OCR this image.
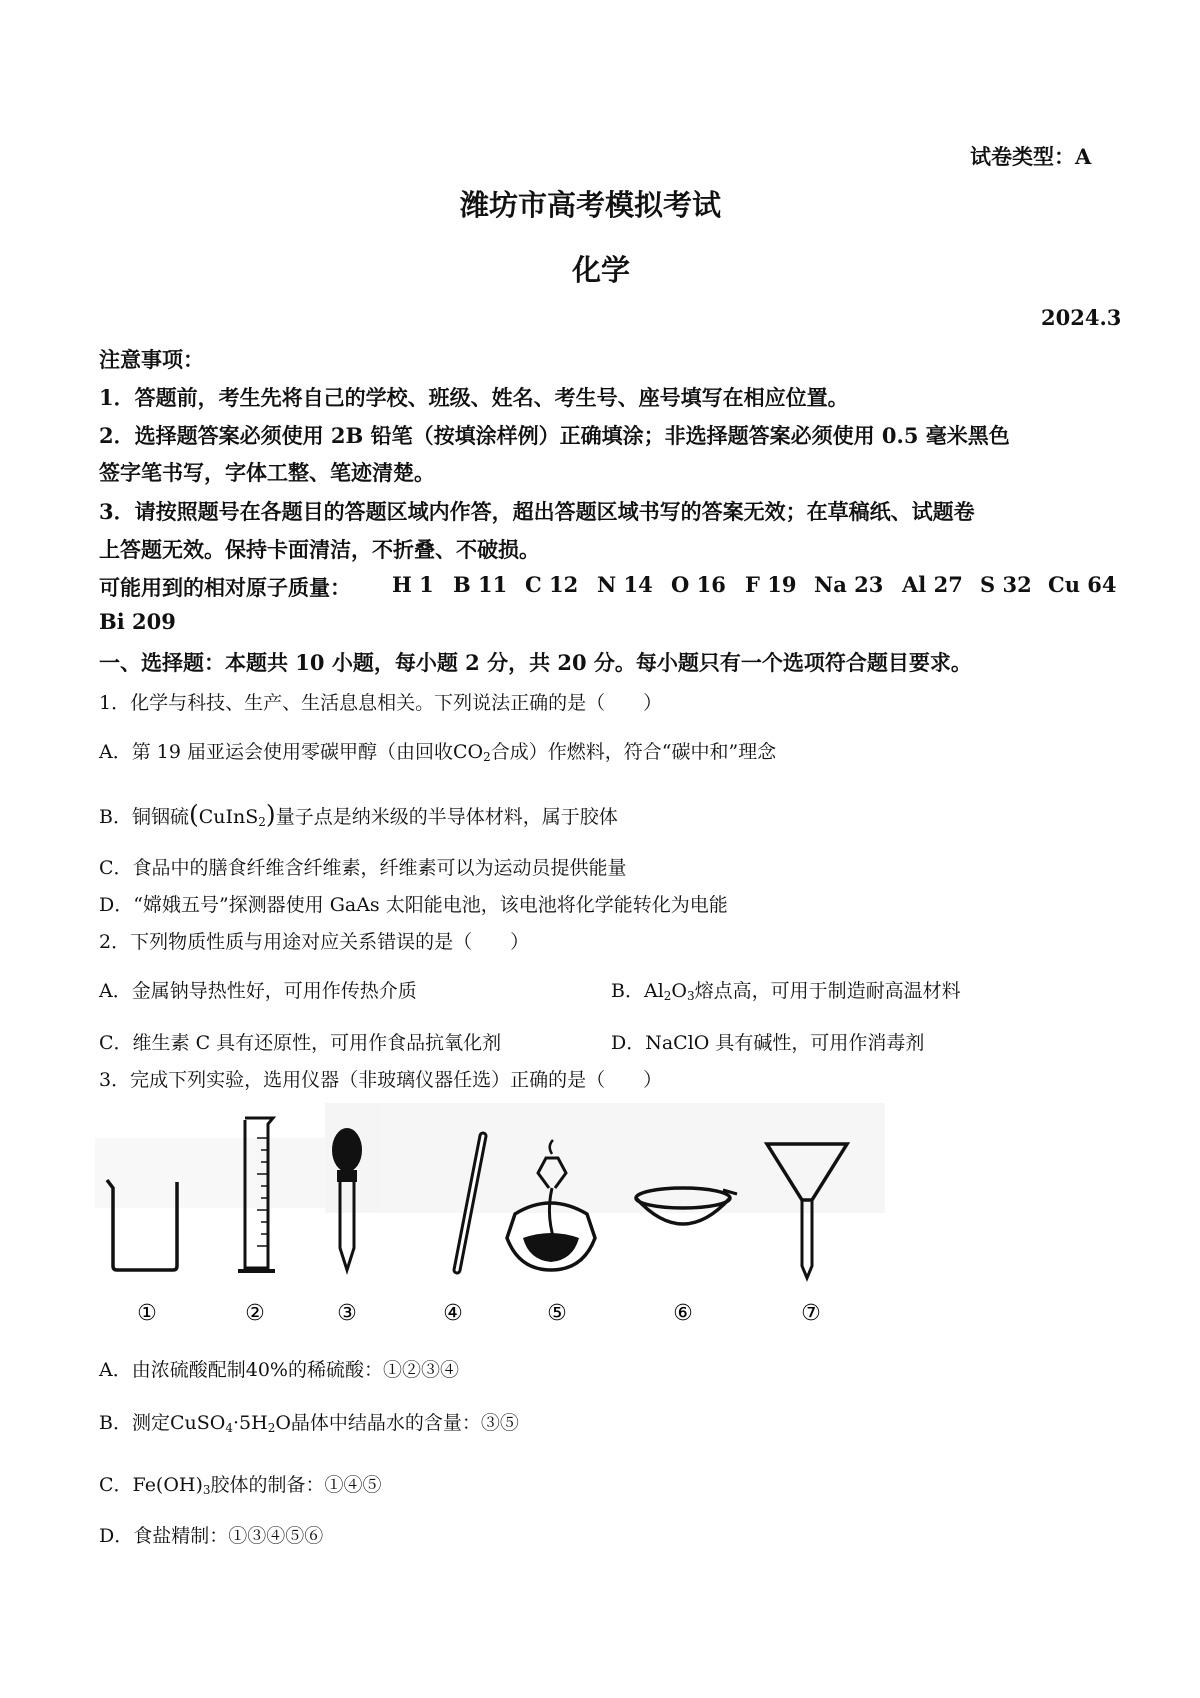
试卷类型：A
潍坊市高考模拟考试
化学
2024.3
注意事项：
1．答题前，考生先将自己的学校、班级、姓名、考生号、座号填写在相应位置。
2．选择题答案必须使用 2B 铅笔（按填涂样例）正确填涂；非选择题答案必须使用 0.5 毫米黑色
签字笔书写，字体工整、笔迹清楚。
3．请按照题号在各题目的答题区域内作答，超出答题区域书写的答案无效；在草稿纸、试题卷
上答题无效。保持卡面清洁，不折叠、不破损。
可能用到的相对原子质量： H 1 B 11 C 12 N 14 O 16 F 19 Na 23 Al 27 S 32 Cu 64
Bi 209
一、选择题：本题共 10 小题，每小题 2 分，共 20 分。每小题只有一个选项符合题目要求。
1．化学与科技、生产、生活息息相关。下列说法正确的是（　　）
A．第 19 届亚运会使用零碳甲醇（由回收$CO_2$合成）作燃料，符合“碳中和”理念
B．铜铟硫(CuInS$_2$)量子点是纳米级的半导体材料，属于胶体
C．食品中的膳食纤维含纤维素，纤维素可以为运动员提供能量
D．“嫦娥五号”探测器使用 GaAs 太阳能电池，该电池将化学能转化为电能
2．下列物质性质与用途对应关系错误的是（　　）
A．金属钠导热性好，可用作传热介质	B．$Al_2O_3$熔点高，可用于制造耐高温材料
C．维生素 C 具有还原性，可用作食品抗氧化剂	D．NaClO 具有碱性，可用作消毒剂
3．完成下列实验，选用仪器（非玻璃仪器任选）正确的是（　　）
①	②	③	④	⑤	⑥	⑦
A．由浓硫酸配制40%的稀硫酸：①②③④
B．测定$CuSO_4\cdot 5H_2O$晶体中结晶水的含量：③⑤
C．$Fe(OH)_3$胶体的制备：①④⑤
D．食盐精制：①③④⑤⑥
